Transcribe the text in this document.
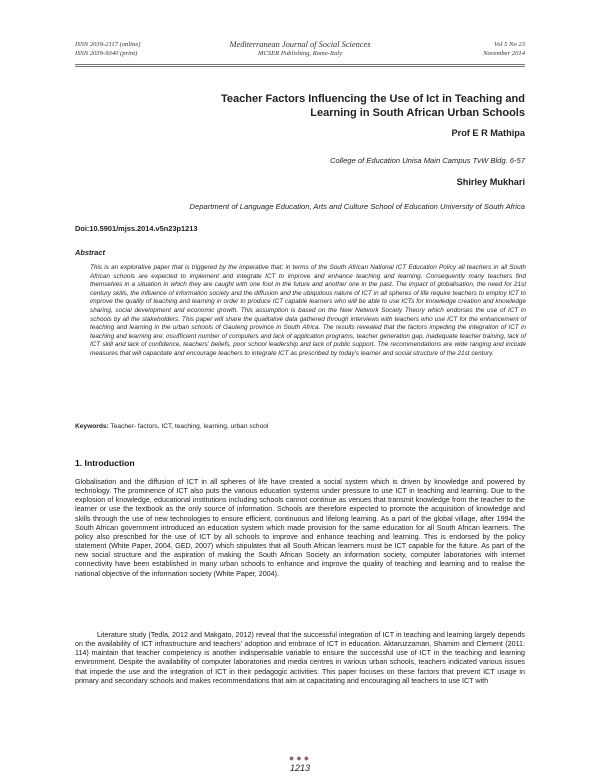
ISSN 2039-2117 (online)
ISSN 2039-9340 (print)
Mediterranean Journal of Social Sciences
MCSER Publishing, Rome-Italy
Vol 5 No 23
November 2014
Teacher Factors Influencing the Use of Ict in Teaching and
Learning in South African Urban Schools
Prof E R Mathipa
College of Education Unisa Main Campus TvW Bldg. 6-57
Shirley Mukhari
Department of Language Education, Arts and Culture School of Education University of South Africa
Doi:10.5901/mjss.2014.v5n23p1213
Abstract

This is an explorative paper that is triggered by the imperative that; in terms of the South African National ICT Education Policy all teachers in all South African schools are expected to implement and integrate ICT to improve and enhance teaching and learning. Consequently many teachers find themselves in a situation in which they are caught with one foot in the future and another one in the past. The impact of globalisation, the need for 21st century skills, the influence of information society and the diffusion and the ubiquitous nature of ICT in all spheres of life require teachers to employ ICT to improve the quality of teaching and learning in order to produce ICT capable learners who will be able to use ICTs for knowledge creation and knowledge sharing, social development and economic growth. This assumption is based on the New Network Society Theory which endorses the use of ICT in schools by all the stakeholders. This paper will share the qualitative data gathered through interviews with teachers who use ICT for the enhancement of teaching and learning in the urban schools of Gauteng province in South Africa. The results revealed that the factors impeding the integration of ICT in teaching and learning are: insufficient number of computers and lack of application programs, teacher generation gap, inadequate teacher training, lack of ICT skill and lack of confidence, teachers' beliefs, poor school leadership and lack of public support. The recommendations are wide ranging and include measures that will capacitate and encourage teachers to integrate ICT as prescribed by today's learner and social structure of the 21st century.

Keywords: Teacher- factors, ICT, teaching, learning, urban school
1. Introduction

Globalisation and the diffusion of ICT in all spheres of life have created a social system which is driven by knowledge and powered by technology. The prominence of ICT also puts the various education systems under pressure to use ICT in teaching and learning. Due to the explosion of knowledge, educational institutions including schools cannot continue as venues that transmit knowledge from the teacher to the learner or use the textbook as the only source of information. Schools are therefore expected to promote the acquisition of knowledge and skills through the use of new technologies to ensure efficient, continuous and lifelong learning. As a part of the global village, after 1994 the South African government introduced an education system which made provision for the same education for all South African learners. The policy also prescribed for the use of ICT by all schools to improve and enhance teaching and learning. This is endorsed by the policy statement (White Paper, 2004, GED, 2007) which stipulates that all South African learners must be ICT capable for the future. As part of the new social structure and the aspiration of making the South African Society an information society, computer laboratories with internet connectivity have been established in many urban schools to enhance and improve the quality of teaching and learning and to realise the national objective of the information society (White Paper, 2004).

Literature study (Tedla, 2012 and Makgato, 2012) reveal that the successful integration of ICT in teaching and learning largely depends on the availability of ICT infrastructure and teachers' adoption and embrace of ICT in education. Aktaruzzaman, Shamim and Clement (2011: 114) maintain that teacher competency is another indispensable variable to ensure the successful use of ICT in the teaching and learning environment. Despite the availability of computer laboratories and media centres in various urban schools, teachers indicated various issues that impede the use and the integration of ICT in their pedagogic activities. This paper focuses on these factors that prevent ICT usage in primary and secondary schools and makes recommendations that aim at capacitating and encouraging all teachers to use ICT with

●●●
1213
